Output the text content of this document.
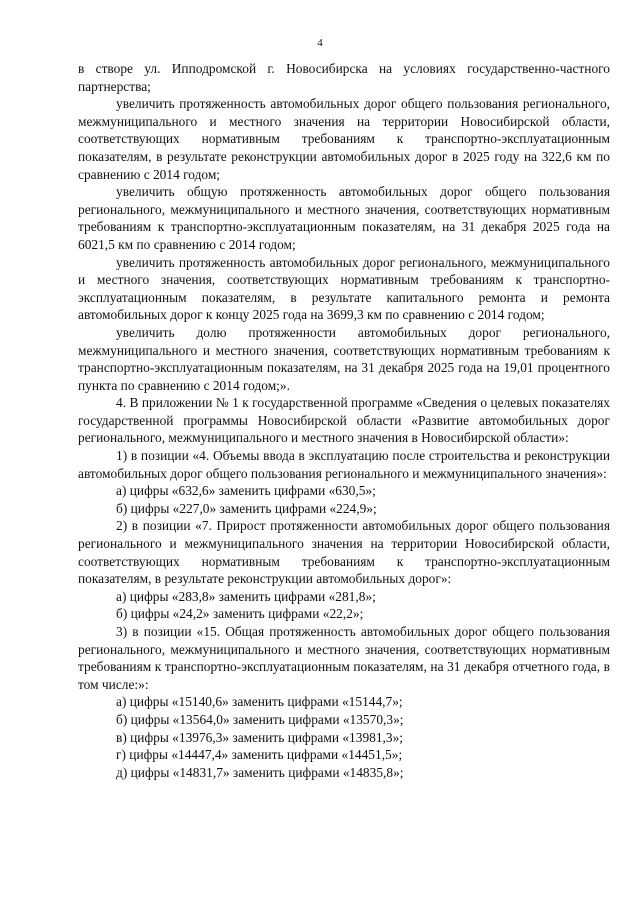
4

в створе ул. Ипподромской г. Новосибирска на условиях государственно-частного партнерства;

увеличить протяженность автомобильных дорог общего пользования регионального, межмуниципального и местного значения на территории Новосибирской области, соответствующих нормативным требованиям к транспортно-эксплуатационным показателям, в результате реконструкции автомобильных дорог в 2025 году на 322,6 км по сравнению с 2014 годом;

увеличить общую протяженность автомобильных дорог общего пользования регионального, межмуниципального и местного значения, соответствующих нормативным требованиям к транспортно-эксплуатационным показателям, на 31 декабря 2025 года на 6021,5 км по сравнению с 2014 годом;

увеличить протяженность автомобильных дорог регионального, межмуниципального и местного значения, соответствующих нормативным требованиям к транспортно-эксплуатационным показателям, в результате капитального ремонта и ремонта автомобильных дорог к концу 2025 года на 3699,3 км по сравнению с 2014 годом;

увеличить долю протяженности автомобильных дорог регионального, межмуниципального и местного значения, соответствующих нормативным требованиям к транспортно-эксплуатационным показателям, на 31 декабря 2025 года на 19,01 процентного пункта по сравнению с 2014 годом;».

4. В приложении № 1 к государственной программе «Сведения о целевых показателях государственной программы Новосибирской области «Развитие автомобильных дорог регионального, межмуниципального и местного значения в Новосибирской области»:

1) в позиции «4. Объемы ввода в эксплуатацию после строительства и реконструкции автомобильных дорог общего пользования регионального и межмуниципального значения»:

а) цифры «632,6» заменить цифрами «630,5»;

б) цифры «227,0» заменить цифрами «224,9»;

2) в позиции «7. Прирост протяженности автомобильных дорог общего пользования регионального и межмуниципального значения на территории Новосибирской области, соответствующих нормативным требованиям к транспортно-эксплуатационным показателям, в результате реконструкции автомобильных дорог»:

а) цифры «283,8» заменить цифрами «281,8»;

б) цифры «24,2» заменить цифрами «22,2»;

3) в позиции «15. Общая протяженность автомобильных дорог общего пользования регионального, межмуниципального и местного значения, соответствующих нормативным требованиям к транспортно-эксплуатационным показателям, на 31 декабря отчетного года, в том числе:»:

а) цифры «15140,6» заменить цифрами «15144,7»;

б) цифры «13564,0» заменить цифрами «13570,3»;

в) цифры «13976,3» заменить цифрами «13981,3»;

г) цифры «14447,4» заменить цифрами «14451,5»;

д) цифры «14831,7» заменить цифрами «14835,8»;
